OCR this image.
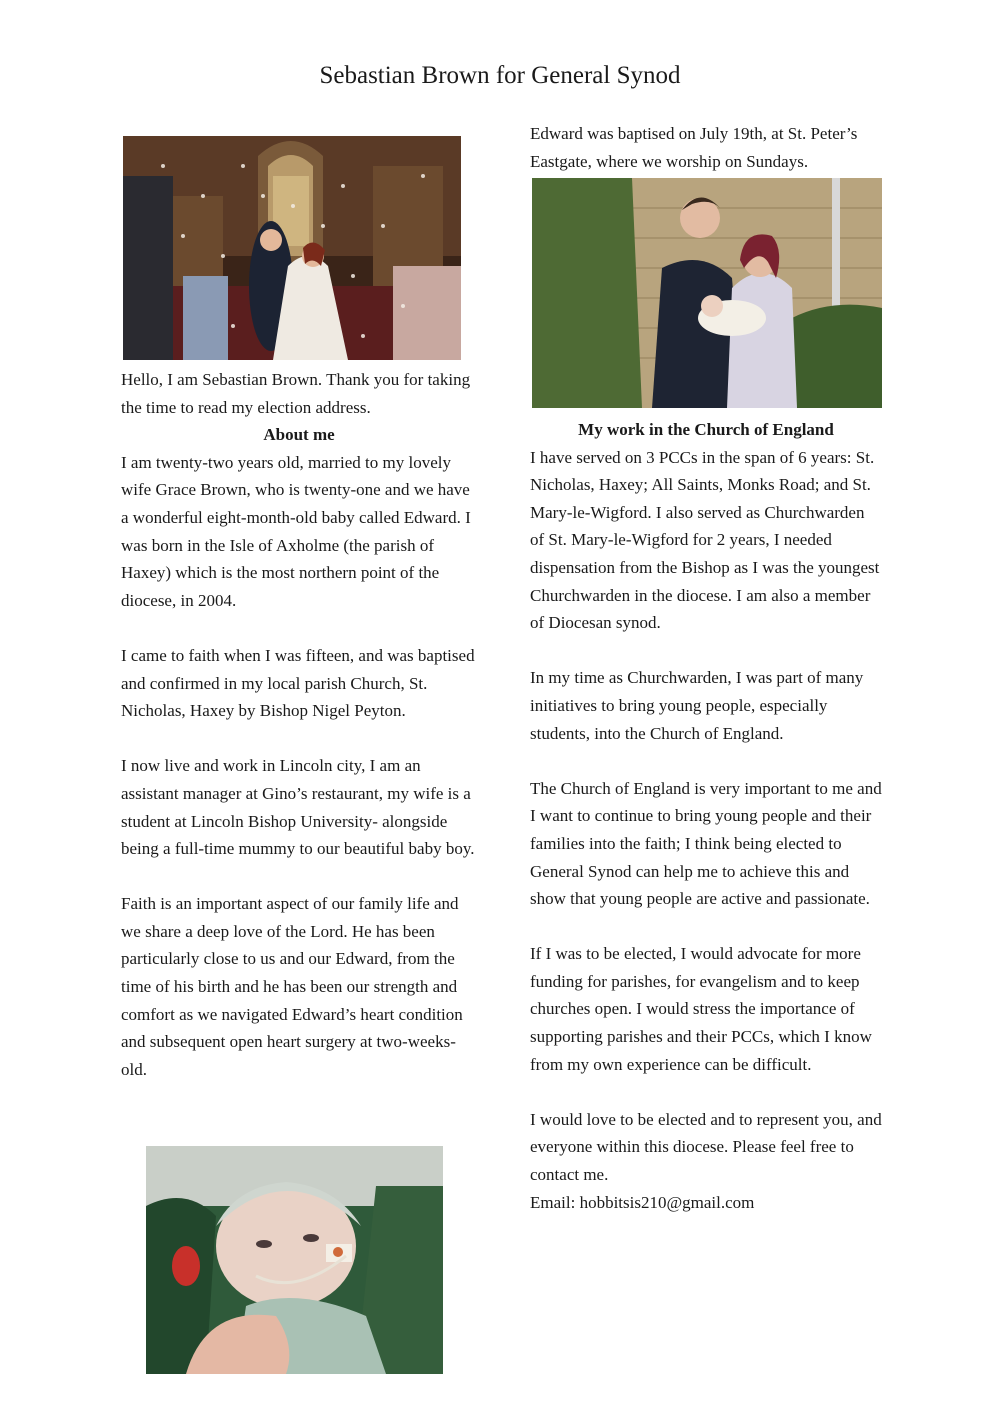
Sebastian Brown for General Synod

Hello, I am Sebastian Brown. Thank you for taking the time to read my election address.

About me

I am twenty-two years old, married to my lovely wife Grace Brown, who is twenty-one and we have a wonderful eight-month-old baby called Edward. I was born in the Isle of Axholme (the parish of Haxey) which is the most northern point of the diocese, in 2004.

I came to faith when I was fifteen, and was baptised and confirmed in my local parish Church, St. Nicholas, Haxey by Bishop Nigel Peyton.

I now live and work in Lincoln city, I am an assistant manager at Gino’s restaurant, my wife is a student at Lincoln Bishop University- alongside being a full-time mummy to our beautiful baby boy.

Faith is an important aspect of our family life and we share a deep love of the Lord. He has been particularly close to us and our Edward, from the time of his birth and he has been our strength and comfort as we navigated Edward’s heart condition and subsequent open heart surgery at two-weeks-old.

Edward was baptised on July 19th, at St. Peter’s Eastgate, where we worship on Sundays.

My work in the Church of England

I have served on 3 PCCs in the span of 6 years: St. Nicholas, Haxey; All Saints, Monks Road; and St. Mary-le-Wigford. I also served as Churchwarden of St. Mary-le-Wigford for 2 years, I needed dispensation from the Bishop as I was the youngest Churchwarden in the diocese. I am also a member of Diocesan synod.

In my time as Churchwarden, I was part of many initiatives to bring young people, especially students, into the Church of England.

The Church of England is very important to me and I want to continue to bring young people and their families into the faith; I think being elected to General Synod can help me to achieve this and show that young people are active and passionate.

If I was to be elected, I would advocate for more funding for parishes, for evangelism and to keep churches open. I would stress the importance of supporting parishes and their PCCs, which I know from my own experience can be difficult.

I would love to be elected and to represent you, and everyone within this diocese. Please feel free to contact me.

Email: hobbitsis210@gmail.com
